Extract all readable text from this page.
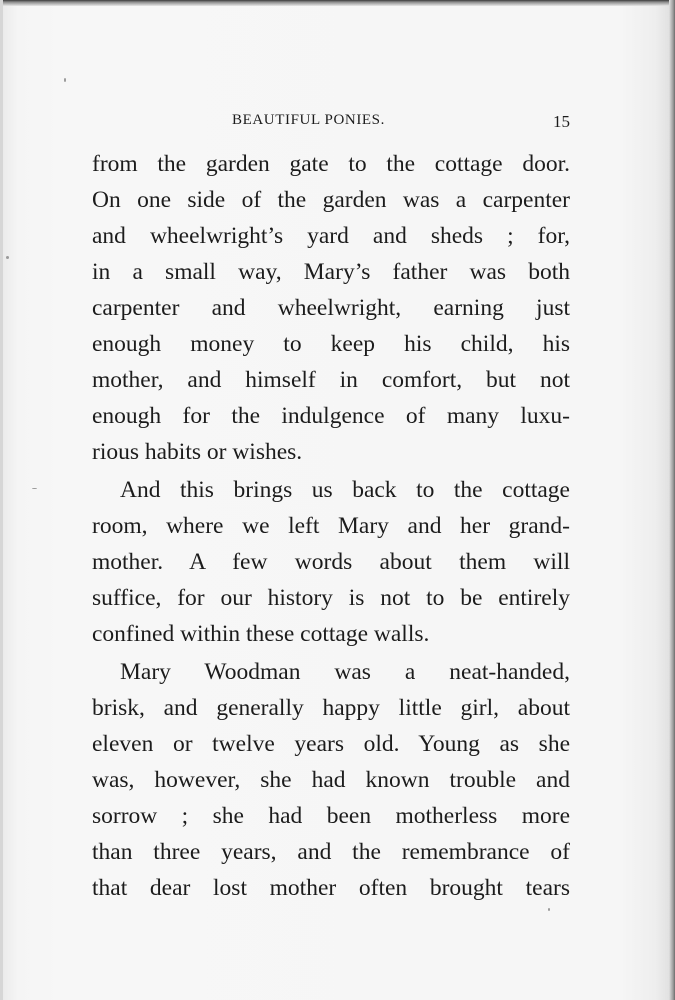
BEAUTIFUL PONIES.	15
from the garden gate to the cottage door.
On one side of the garden was a carpenter
and wheelwright’s yard and sheds ; for,
in a small way, Mary’s father was both
carpenter and wheelwright, earning just
enough money to keep his child, his
mother, and himself in comfort, but not
enough for the indulgence of many luxu-
rious habits or wishes.
And this brings us back to the cottage
room, where we left Mary and her grand-
mother. A few words about them will
suffice, for our history is not to be entirely
confined within these cottage walls.
Mary Woodman was a neat-handed,
brisk, and generally happy little girl, about
eleven or twelve years old. Young as she
was, however, she had known trouble and
sorrow ; she had been motherless more
than three years, and the remembrance of
that dear lost mother often brought tears
